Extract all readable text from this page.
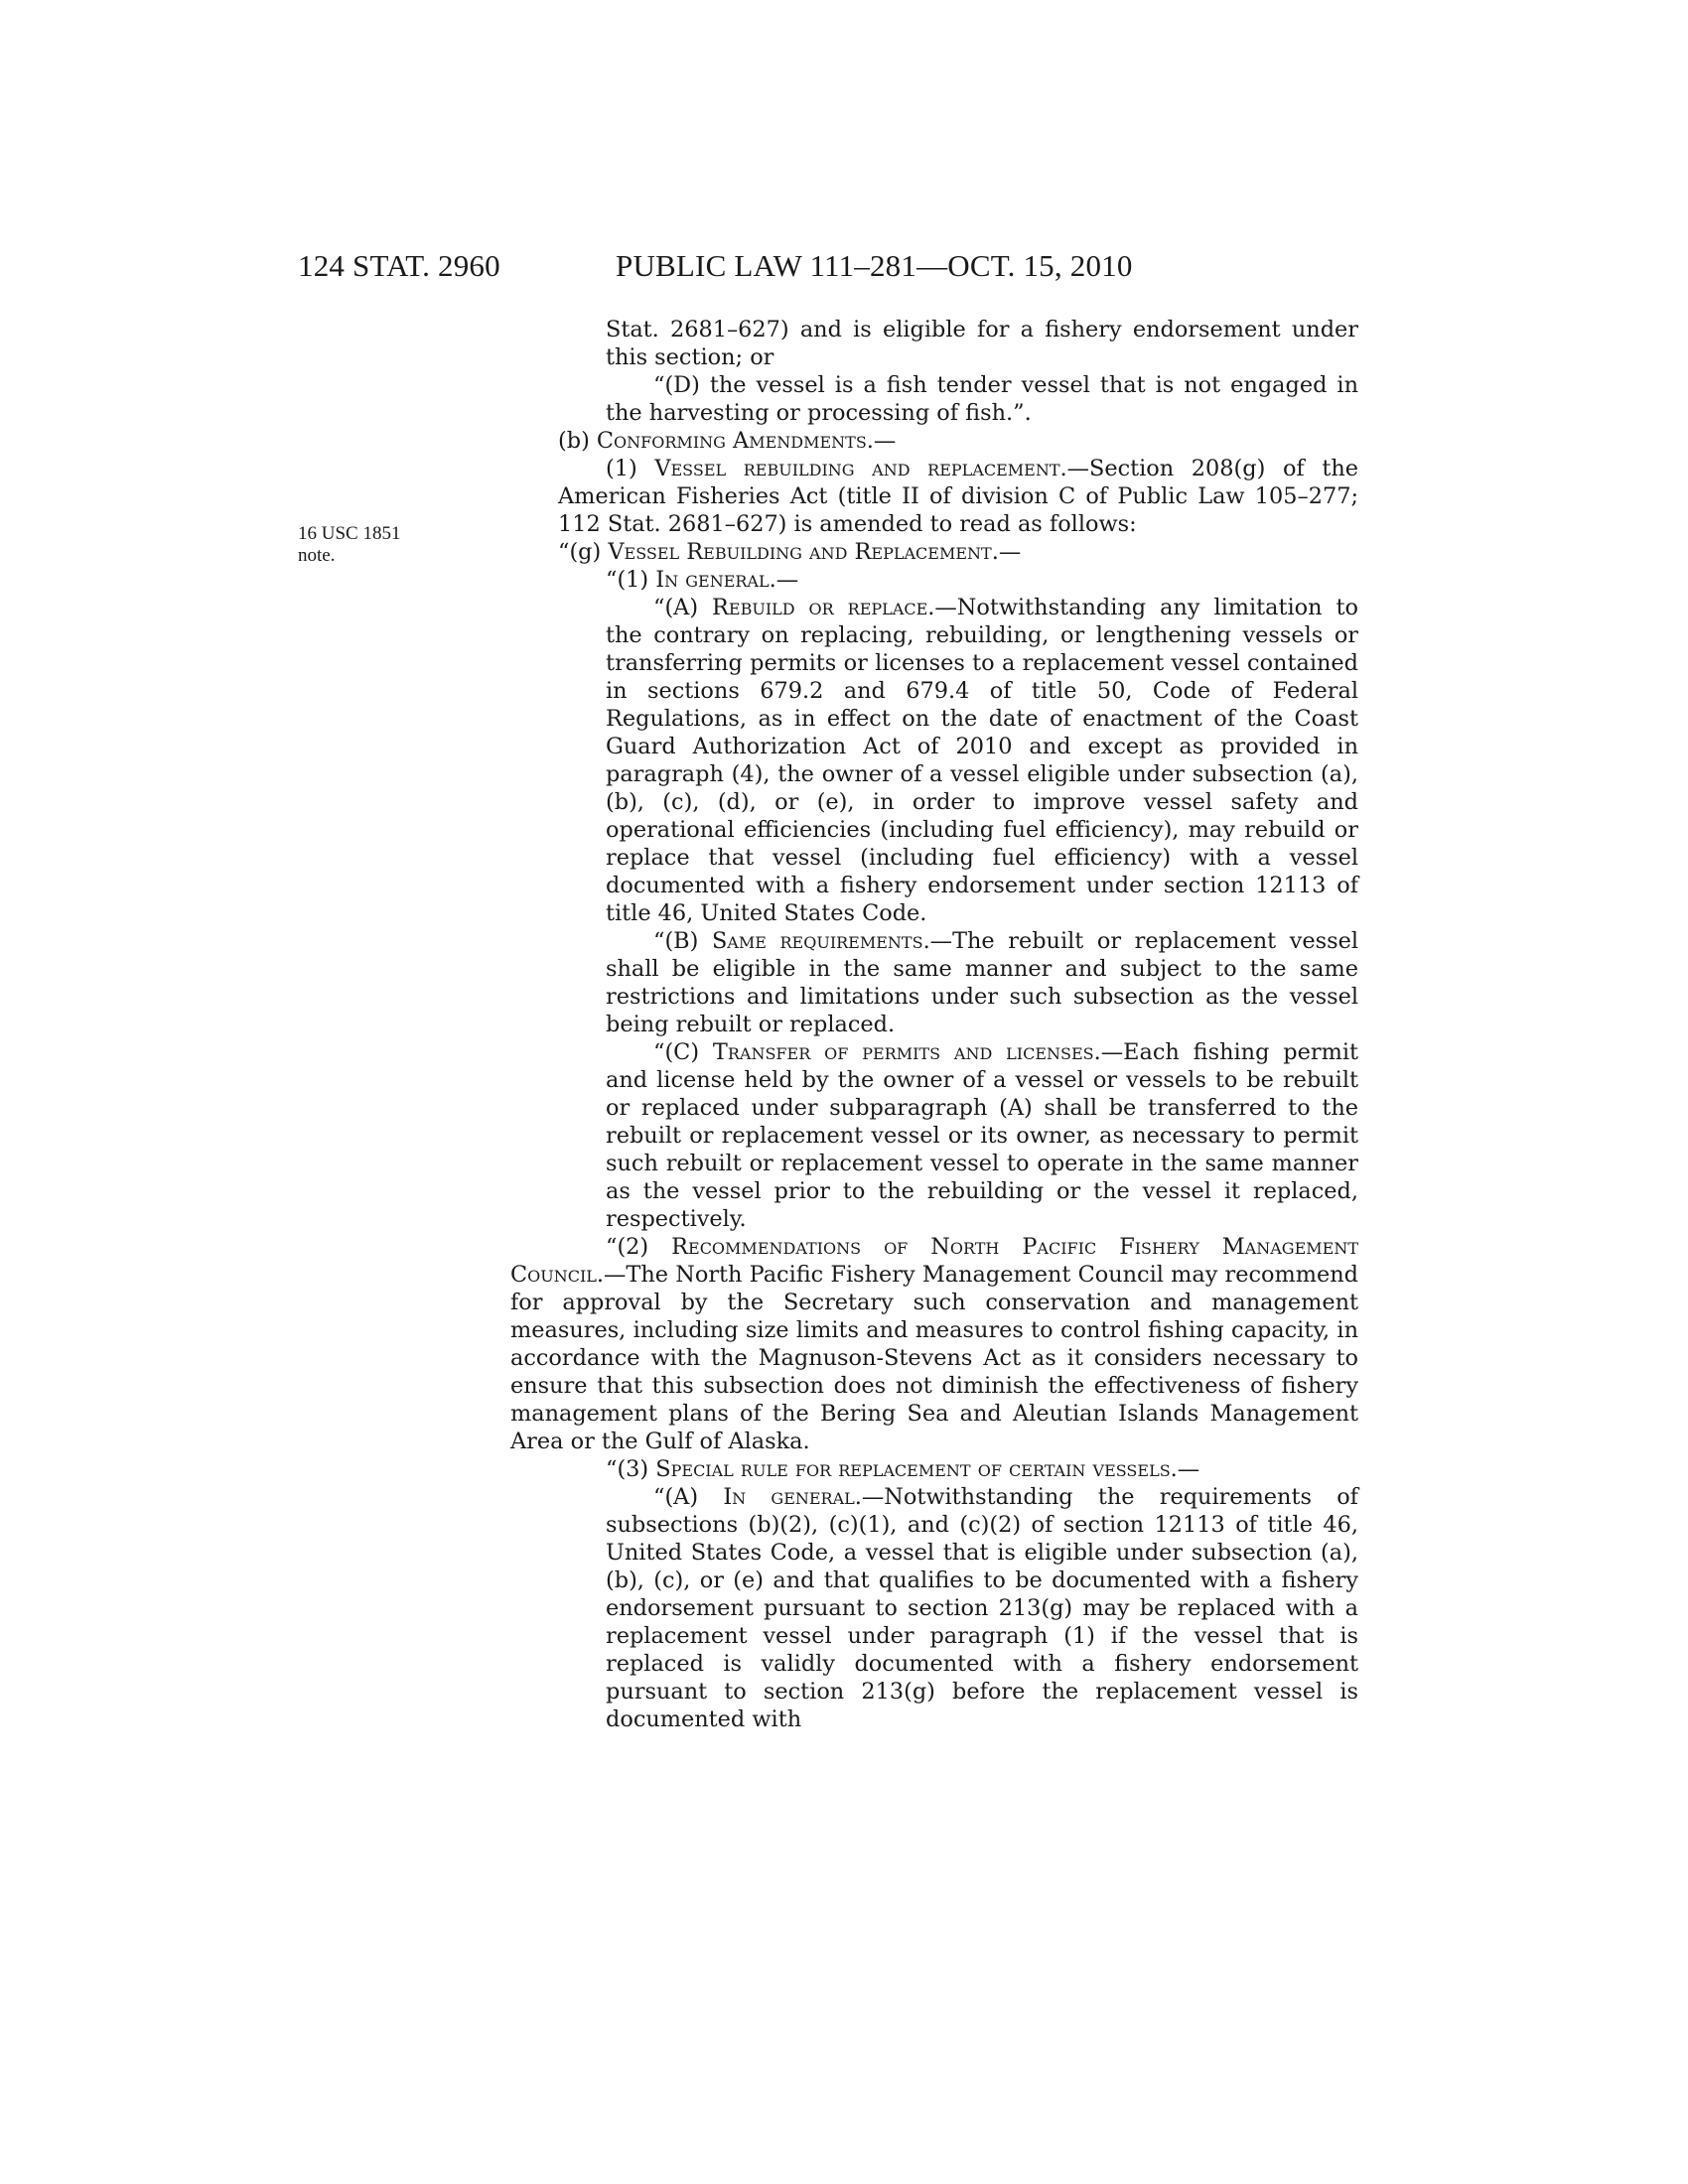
124 STAT. 2960	PUBLIC LAW 111–281—OCT. 15, 2010
16 USC 1851
note.

Stat. 2681–627) and is eligible for a fishery endorsement under this section; or

“(D) the vessel is a fish tender vessel that is not engaged in the harvesting or processing of fish.”.

(b) Conforming Amendments.—

(1) Vessel rebuilding and replacement.—Section 208(g) of the American Fisheries Act (title II of division C of Public Law 105–277; 112 Stat. 2681–627) is amended to read as follows:

“(g) Vessel Rebuilding and Replacement.—

“(1) In general.—

“(A) Rebuild or replace.—Notwithstanding any limitation to the contrary on replacing, rebuilding, or lengthening vessels or transferring permits or licenses to a replacement vessel contained in sections 679.2 and 679.4 of title 50, Code of Federal Regulations, as in effect on the date of enactment of the Coast Guard Authorization Act of 2010 and except as provided in paragraph (4), the owner of a vessel eligible under subsection (a), (b), (c), (d), or (e), in order to improve vessel safety and operational efficiencies (including fuel efficiency), may rebuild or replace that vessel (including fuel efficiency) with a vessel documented with a fishery endorsement under section 12113 of title 46, United States Code.

“(B) Same requirements.—The rebuilt or replacement vessel shall be eligible in the same manner and subject to the same restrictions and limitations under such subsection as the vessel being rebuilt or replaced.

“(C) Transfer of permits and licenses.—Each fishing permit and license held by the owner of a vessel or vessels to be rebuilt or replaced under subparagraph (A) shall be transferred to the rebuilt or replacement vessel or its owner, as necessary to permit such rebuilt or replacement vessel to operate in the same manner as the vessel prior to the rebuilding or the vessel it replaced, respectively.

“(2) Recommendations of North Pacific Fishery Management Council.—The North Pacific Fishery Management Council may recommend for approval by the Secretary such conservation and management measures, including size limits and measures to control fishing capacity, in accordance with the Magnuson-Stevens Act as it considers necessary to ensure that this subsection does not diminish the effectiveness of fishery management plans of the Bering Sea and Aleutian Islands Management Area or the Gulf of Alaska.

“(3) Special rule for replacement of certain vessels.—

“(A) In general.—Notwithstanding the requirements of subsections (b)(2), (c)(1), and (c)(2) of section 12113 of title 46, United States Code, a vessel that is eligible under subsection (a), (b), (c), or (e) and that qualifies to be documented with a fishery endorsement pursuant to section 213(g) may be replaced with a replacement vessel under paragraph (1) if the vessel that is replaced is validly documented with a fishery endorsement pursuant to section 213(g) before the replacement vessel is documented with
